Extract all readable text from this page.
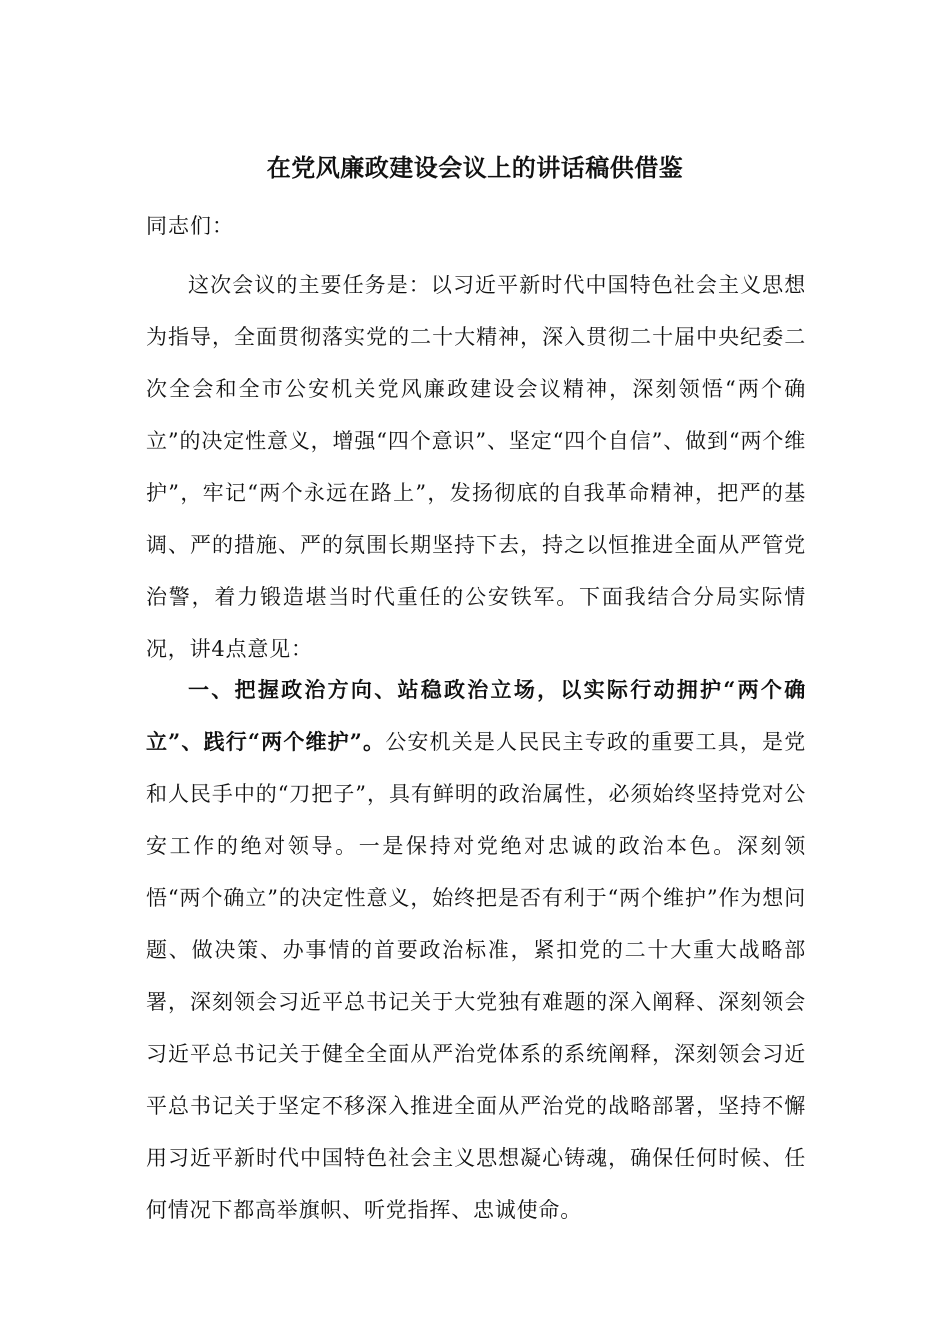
在党风廉政建设会议上的讲话稿供借鉴
同志们：

这次会议的主要任务是：以习近平新时代中国特色社会主义思想为指导，全面贯彻落实党的二十大精神，深入贯彻二十届中央纪委二次全会和全市公安机关党风廉政建设会议精神，深刻领悟“两个确立”的决定性意义，增强“四个意识”、坚定“四个自信”、做到“两个维护”，牢记“两个永远在路上”，发扬彻底的自我革命精神，把严的基调、严的措施、严的氛围长期坚持下去，持之以恒推进全面从严管党治警，着力锻造堪当时代重任的公安铁军。下面我结合分局实际情况，讲4点意见：

一、把握政治方向、站稳政治立场，以实际行动拥护“两个确立”、践行“两个维护”。公安机关是人民民主专政的重要工具，是党和人民手中的“刀把子”，具有鲜明的政治属性，必须始终坚持党对公安工作的绝对领导。一是保持对党绝对忠诚的政治本色。深刻领悟“两个确立”的决定性意义，始终把是否有利于“两个维护”作为想问题、做决策、办事情的首要政治标准，紧扣党的二十大重大战略部署，深刻领会习近平总书记关于大党独有难题的深入阐释、深刻领会习近平总书记关于健全全面从严治党体系的系统阐释，深刻领会习近平总书记关于坚定不移深入推进全面从严治党的战略部署，坚持不懈用习近平新时代中国特色社会主义思想凝心铸魂，确保任何时候、任何情况下都高举旗帜、听党指挥、忠诚使命。
